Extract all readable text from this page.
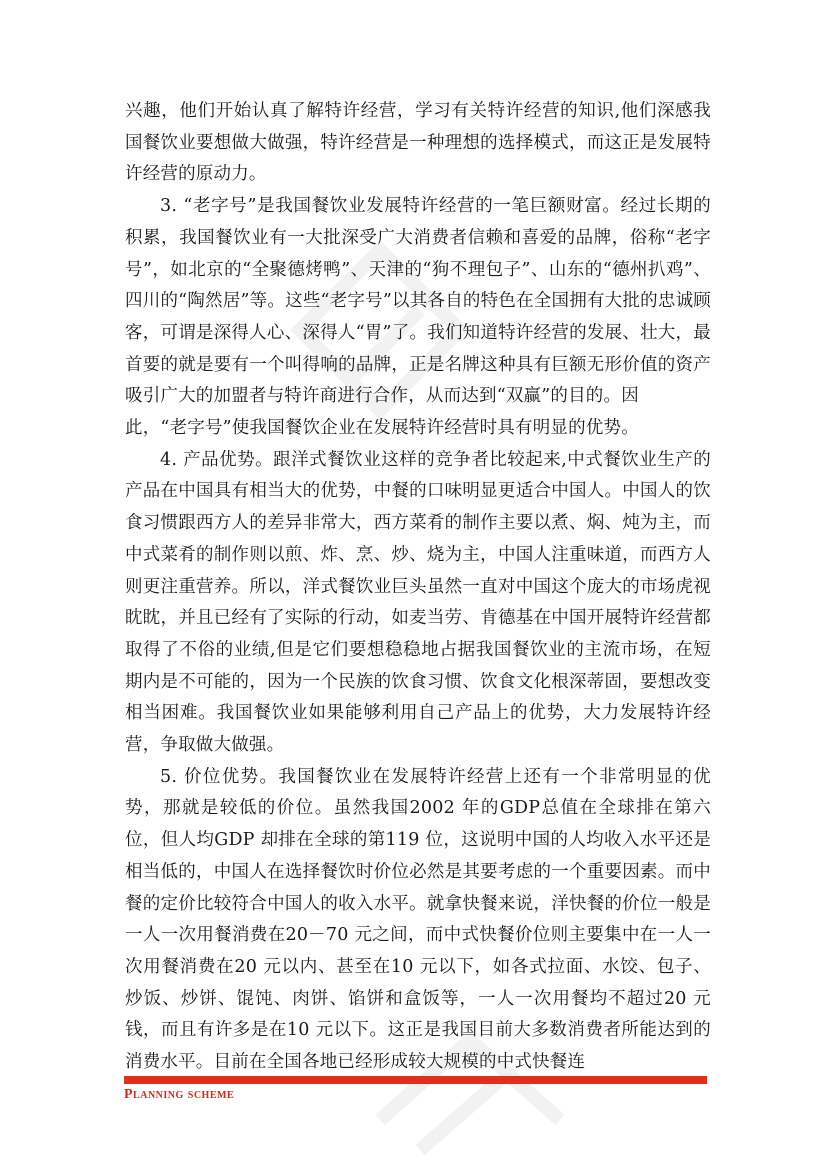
兴趣，他们开始认真了解特许经营，学习有关特许经营的知识,他们深感我国餐饮业要想做大做强，特许经营是一种理想的选择模式，而这正是发展特许经营的原动力。

3. “老字号”是我国餐饮业发展特许经营的一笔巨额财富。经过长期的积累，我国餐饮业有一大批深受广大消费者信赖和喜爱的品牌，俗称“老字号”，如北京的“全聚德烤鸭”、天津的“狗不理包子”、山东的“德州扒鸡”、四川的“陶然居”等。这些“老字号”以其各自的特色在全国拥有大批的忠诚顾客，可谓是深得人心、深得人“胃”了。我们知道特许经营的发展、壮大，最首要的就是要有一个叫得响的品牌，正是名牌这种具有巨额无形价值的资产吸引广大的加盟者与特许商进行合作，从而达到“双赢”的目的。因

此，“老字号”使我国餐饮企业在发展特许经营时具有明显的优势。

4. 产品优势。跟洋式餐饮业这样的竞争者比较起来,中式餐饮业生产的产品在中国具有相当大的优势，中餐的口味明显更适合中国人。中国人的饮食习惯跟西方人的差异非常大，西方菜肴的制作主要以煮、焖、炖为主，而中式菜肴的制作则以煎、炸、烹、炒、烧为主，中国人注重味道，而西方人则更注重营养。所以，洋式餐饮业巨头虽然一直对中国这个庞大的市场虎视眈眈，并且已经有了实际的行动，如麦当劳、肯德基在中国开展特许经营都取得了不俗的业绩,但是它们要想稳稳地占据我国餐饮业的主流市场，在短期内是不可能的，因为一个民族的饮食习惯、饮食文化根深蒂固，要想改变相当困难。我国餐饮业如果能够利用自己产品上的优势，大力发展特许经营，争取做大做强。

5. 价位优势。我国餐饮业在发展特许经营上还有一个非常明显的优势，那就是较低的价位。虽然我国2002 年的GDP总值在全球排在第六位，但人均GDP 却排在全球的第119 位，这说明中国的人均收入水平还是相当低的，中国人在选择餐饮时价位必然是其要考虑的一个重要因素。而中餐的定价比较符合中国人的收入水平。就拿快餐来说，洋快餐的价位一般是一人一次用餐消费在20－70 元之间，而中式快餐价位则主要集中在一人一次用餐消费在20 元以内、甚至在10 元以下，如各式拉面、水饺、包子、炒饭、炒饼、馄饨、肉饼、馅饼和盒饭等，一人一次用餐均不超过20 元钱，而且有许多是在10 元以下。这正是我国目前大多数消费者所能达到的消费水平。目前在全国各地已经形成较大规模的中式快餐连

Planning scheme
